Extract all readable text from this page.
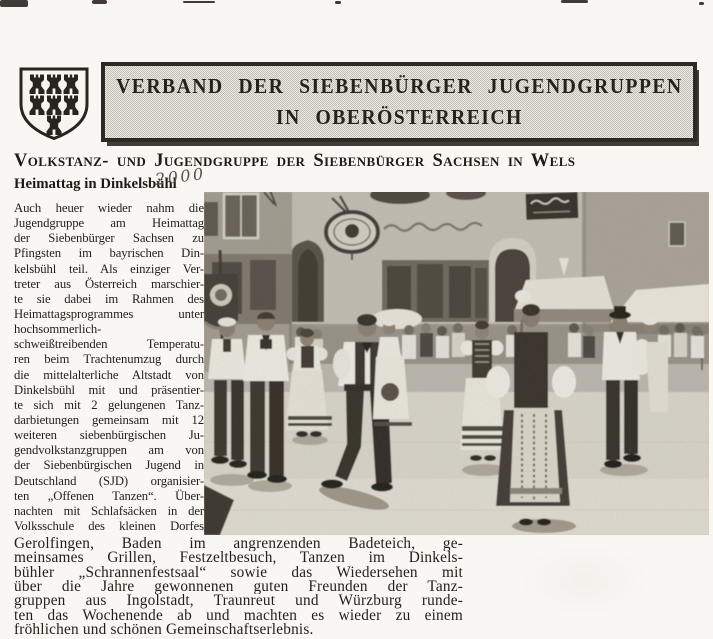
VERBAND DER SIEBENBÜRGER JUGENDGRUPPEN
IN OBERÖSTERREICH
Volkstanz- und Jugendgruppe der Siebenbürger Sachsen in Wels
Heimattag in Dinkelsbühl
2000
Auch heuer wieder nahm die
Jugendgruppe am Heimattag
der Siebenbürger Sachsen zu
Pfingsten im bayrischen Din-
kelsbühl teil. Als einziger Ver-
treter aus Österreich marschier-
te sie dabei im Rahmen des
Heimattagsprogrammes unter
hochsommerlich-
schweißtreibenden Temperatu-
ren beim Trachtenumzug durch
die mittelalterliche Altstadt von
Dinkelsbühl mit und präsentier-
te sich mit 2 gelungenen Tanz-
darbietungen gemeinsam mit 12
weiteren siebenbürgischen Ju-
gendvolkstanzgruppen am von
der Siebenbürgischen Jugend in
Deutschland (SJD) organisier-
ten „Offenen Tanzen“. Über-
nachten mit Schlafsäcken in der
Volksschule des kleinen Dorfes
Gerolfingen, Baden im angrenzenden Badeteich, ge-
meinsames Grillen, Festzeltbesuch, Tanzen im Dinkels-
bühler „Schrannenfestsaal“ sowie das Wiedersehen mit
über die Jahre gewonnenen guten Freunden der Tanz-
gruppen aus Ingolstadt, Traunreut und Würzburg runde-
ten das Wochenende ab und machten es wieder zu einem
fröhlichen und schönen Gemeinschaftserlebnis.
